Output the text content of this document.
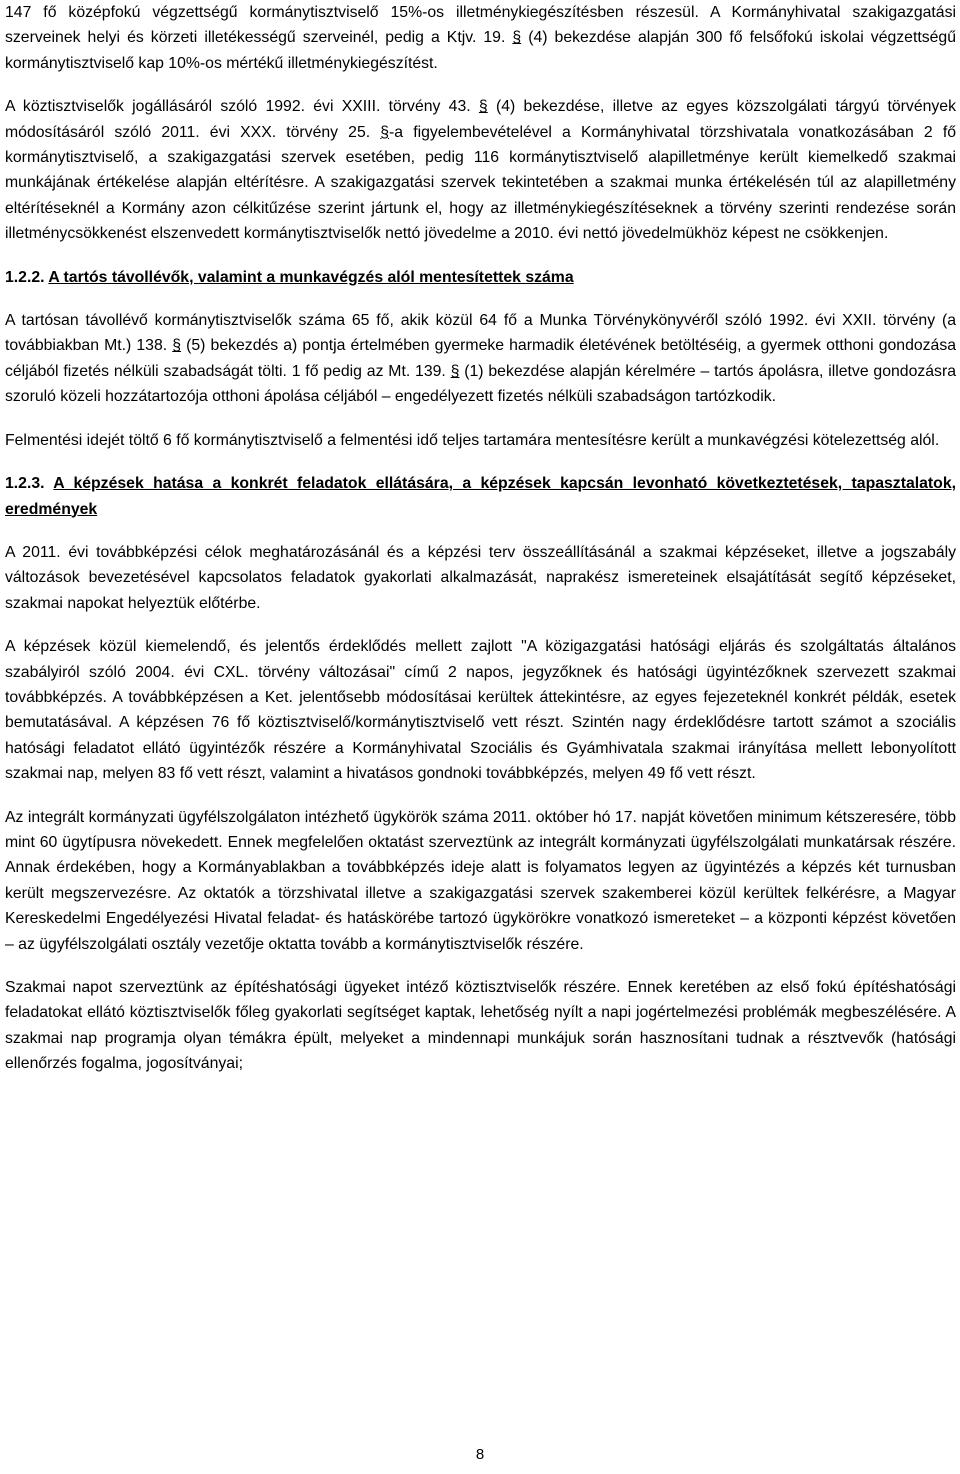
147 fő középfokú végzettségű kormánytisztviselő 15%-os illetménykiegészítésben részesül. A Kormányhivatal szakigazgatási szerveinek helyi és körzeti illetékességű szerveinél, pedig a Ktjv. 19. § (4) bekezdése alapján 300 fő felsőfokú iskolai végzettségű kormánytisztviselő kap 10%-os mértékű illetménykiegészítést.

A köztisztviselők jogállásáról szóló 1992. évi XXIII. törvény 43. § (4) bekezdése, illetve az egyes közszolgálati tárgyú törvények módosításáról szóló 2011. évi XXX. törvény 25. §-a figyelembevételével a Kormányhivatal törzshivatala vonatkozásában 2 fő kormánytisztviselő, a szakigazgatási szervek esetében, pedig 116 kormánytisztviselő alapilletménye került kiemelkedő szakmai munkájának értékelése alapján eltérítésre. A szakigazgatási szervek tekintetében a szakmai munka értékelésén túl az alapilletmény eltérítéseknél a Kormány azon célkitűzése szerint jártunk el, hogy az illetménykiegészítéseknek a törvény szerinti rendezése során illetménycsökkenést elszenvedett kormánytisztviselők nettó jövedelme a 2010. évi nettó jövedelmükhöz képest ne csökkenjen.

1.2.2. A tartós távollévők, valamint a munkavégzés alól mentesítettek száma

A tartósan távollévő kormánytisztviselők száma 65 fő, akik közül 64 fő a Munka Törvénykönyvéről szóló 1992. évi XXII. törvény (a továbbiakban Mt.) 138. § (5) bekezdés a) pontja értelmében gyermeke harmadik életévének betöltéséig, a gyermek otthoni gondozása céljából fizetés nélküli szabadságát tölti. 1 fő pedig az Mt. 139. § (1) bekezdése alapján kérelmére – tartós ápolásra, illetve gondozásra szoruló közeli hozzátartozója otthoni ápolása céljából – engedélyezett fizetés nélküli szabadságon tartózkodik.

Felmentési idejét töltő 6 fő kormánytisztviselő a felmentési idő teljes tartamára mentesítésre került a munkavégzési kötelezettség alól.

1.2.3. A képzések hatása a konkrét feladatok ellátására, a képzések kapcsán levonható következtetések, tapasztalatok, eredmények

A 2011. évi továbbképzési célok meghatározásánál és a képzési terv összeállításánál a szakmai képzéseket, illetve a jogszabály változások bevezetésével kapcsolatos feladatok gyakorlati alkalmazását, naprakész ismereteinek elsajátítását segítő képzéseket, szakmai napokat helyeztük előtérbe.

A képzések közül kiemelendő, és jelentős érdeklődés mellett zajlott "A közigazgatási hatósági eljárás és szolgáltatás általános szabályiról szóló 2004. évi CXL. törvény változásai" című 2 napos, jegyzőknek és hatósági ügyintézőknek szervezett szakmai továbbképzés. A továbbképzésen a Ket. jelentősebb módosításai kerültek áttekintésre, az egyes fejezeteknél konkrét példák, esetek bemutatásával. A képzésen 76 fő köztisztviselő/kormánytisztviselő vett részt. Szintén nagy érdeklődésre tartott számot a szociális hatósági feladatot ellátó ügyintézők részére a Kormányhivatal Szociális és Gyámhivatala szakmai irányítása mellett lebonyolított szakmai nap, melyen 83 fő vett részt, valamint a hivatásos gondnoki továbbképzés, melyen 49 fő vett részt.

Az integrált kormányzati ügyfélszolgálaton intézhető ügykörök száma 2011. október hó 17. napját követően minimum kétszeresére, több mint 60 ügytípusra növekedett. Ennek megfelelően oktatást szerveztünk az integrált kormányzati ügyfélszolgálati munkatársak részére. Annak érdekében, hogy a Kormányablakban a továbbképzés ideje alatt is folyamatos legyen az ügyintézés a képzés két turnusban került megszervezésre. Az oktatók a törzshivatal illetve a szakigazgatási szervek szakemberei közül kerültek felkérésre, a Magyar Kereskedelmi Engedélyezési Hivatal feladat- és hatáskörébe tartozó ügykörökre vonatkozó ismereteket – a központi képzést követően – az ügyfélszolgálati osztály vezetője oktatta tovább a kormánytisztviselők részére.

Szakmai napot szerveztünk az építéshatósági ügyeket intéző köztisztviselők részére. Ennek keretében az első fokú építéshatósági feladatokat ellátó köztisztviselők főleg gyakorlati segítséget kaptak, lehetőség nyílt a napi jogértelmezési problémák megbeszélésére. A szakmai nap programja olyan témákra épült, melyeket a mindennapi munkájuk során hasznosítani tudnak a résztvevők (hatósági ellenőrzés fogalma, jogosítványai;

8
